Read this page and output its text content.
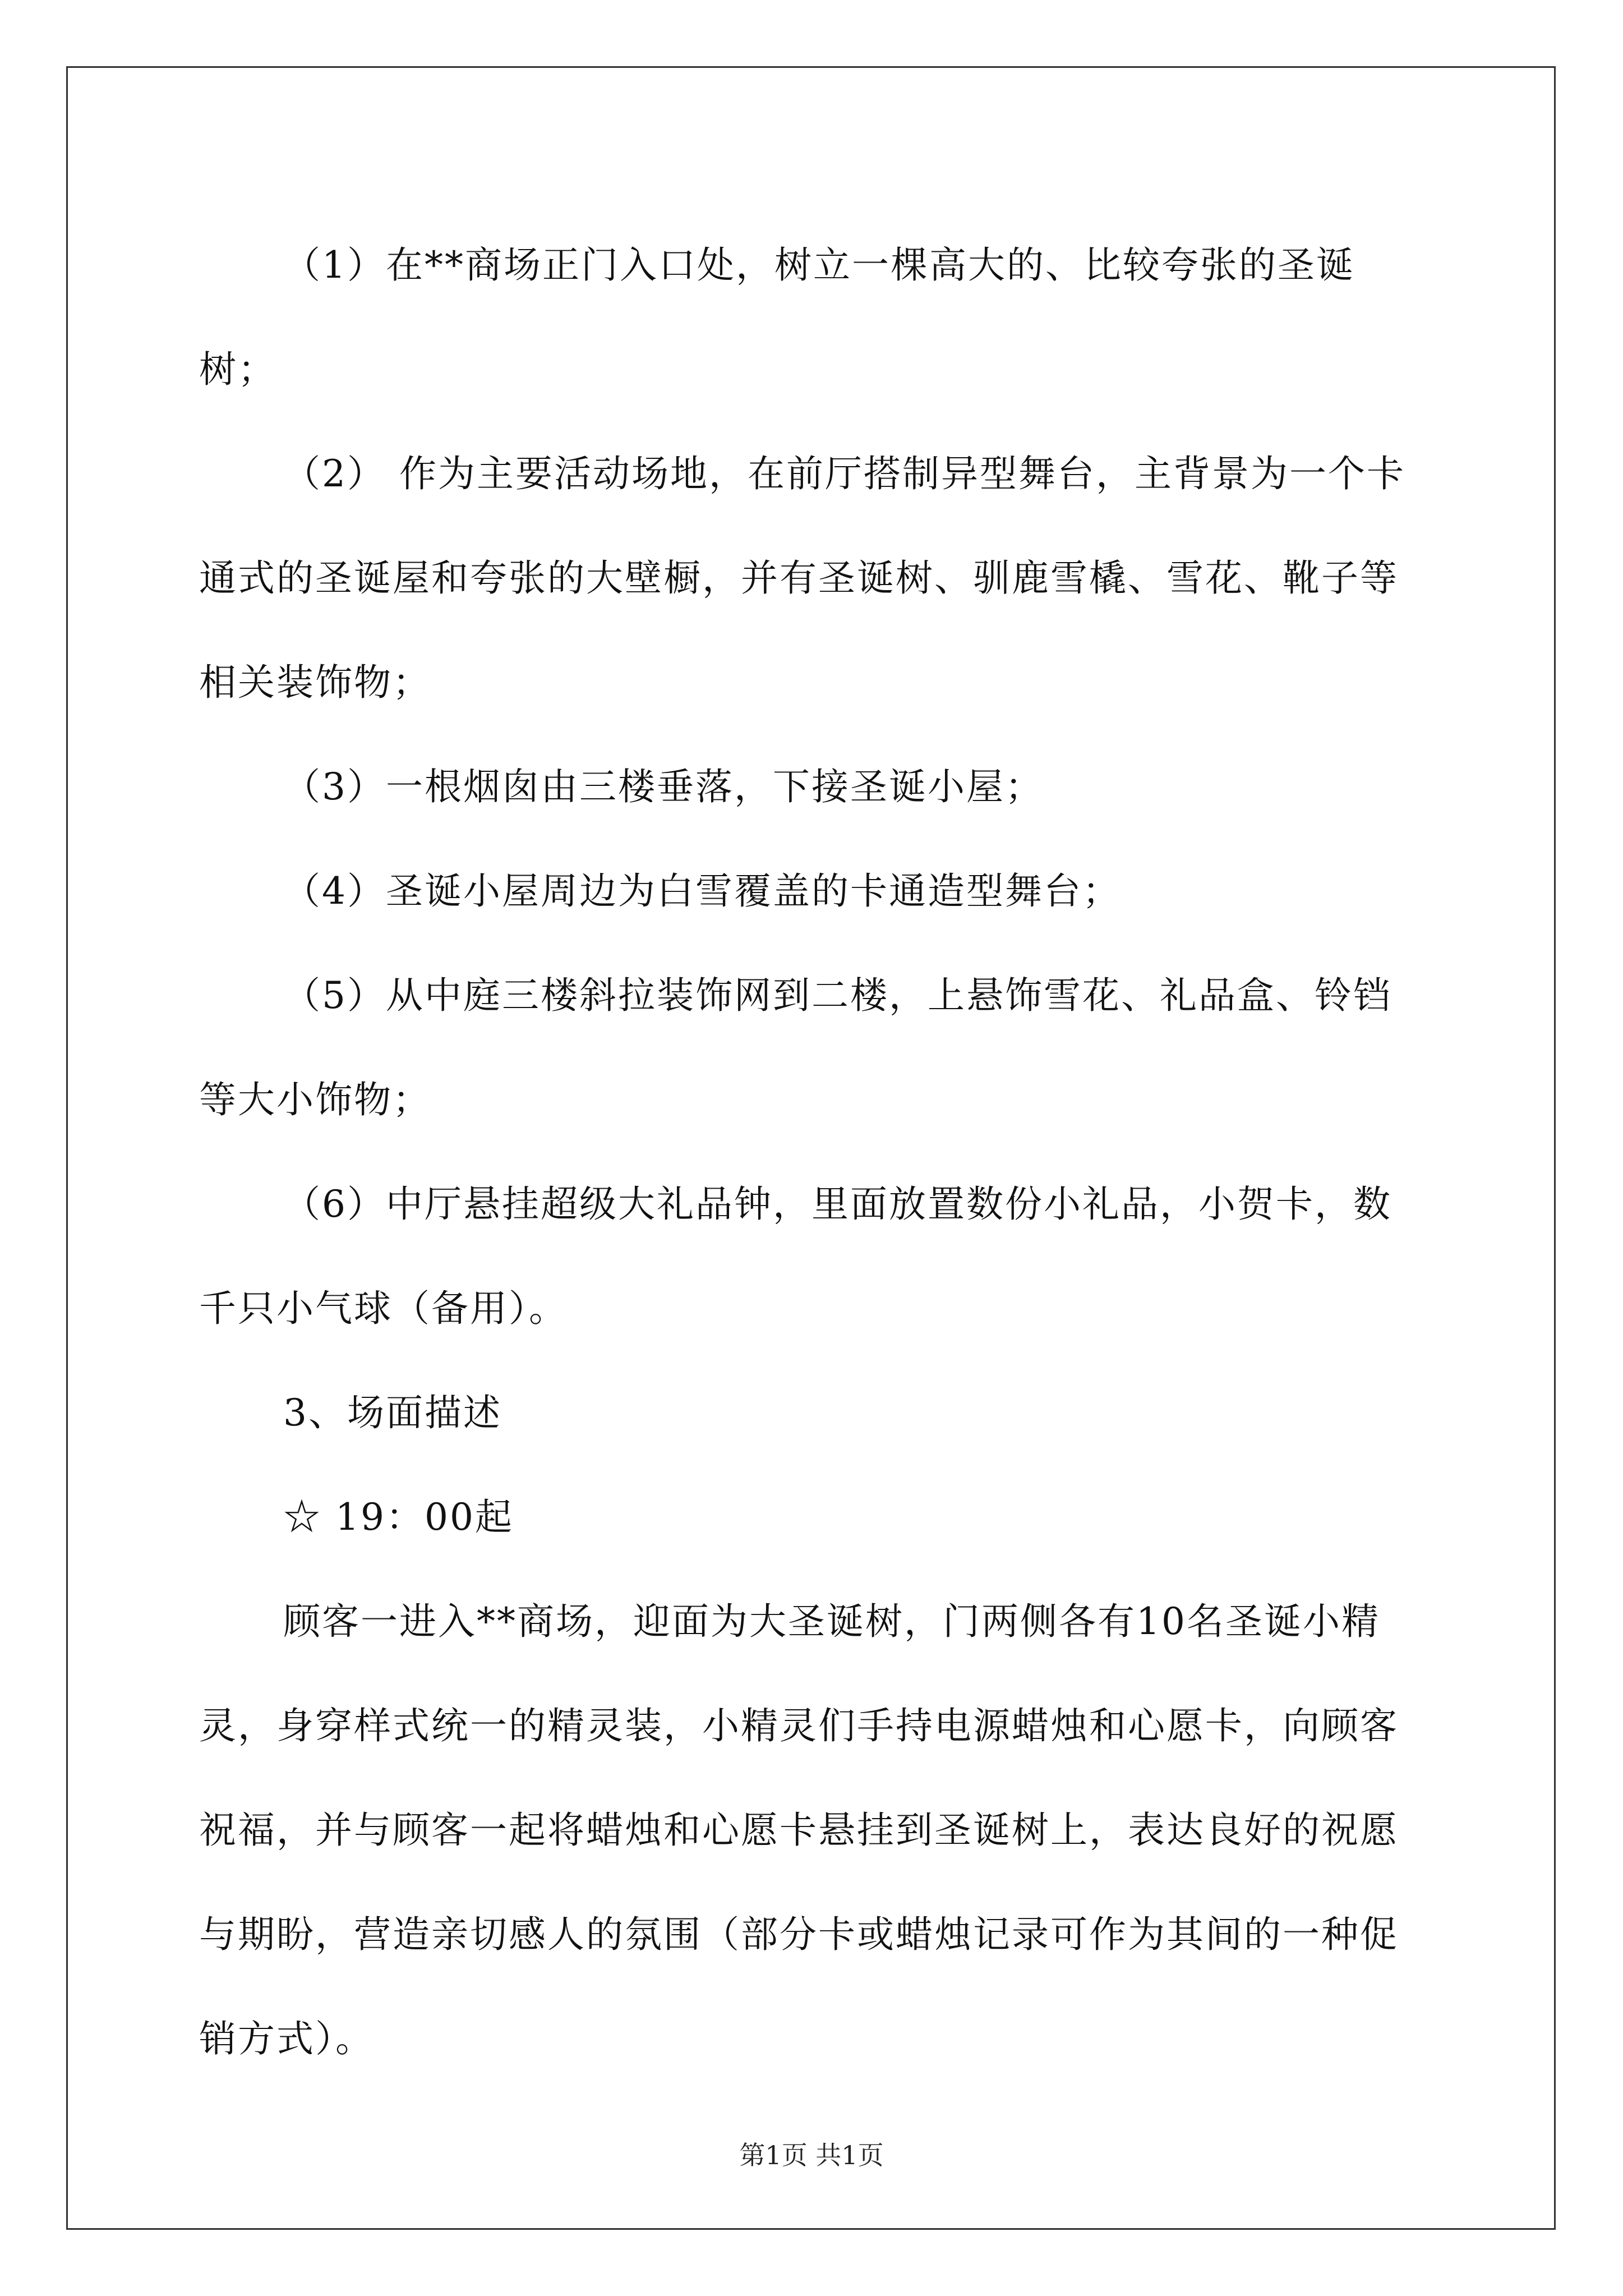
（1）在**商场正门入口处，树立一棵高大的、比较夸张的圣诞树；

（2） 作为主要活动场地，在前厅搭制异型舞台，主背景为一个卡通式的圣诞屋和夸张的大壁橱，并有圣诞树、驯鹿雪橇、雪花、靴子等相关装饰物；

（3）一根烟囱由三楼垂落，下接圣诞小屋；

（4）圣诞小屋周边为白雪覆盖的卡通造型舞台；

（5）从中庭三楼斜拉装饰网到二楼，上悬饰雪花、礼品盒、铃铛等大小饰物；

（6）中厅悬挂超级大礼品钟，里面放置数份小礼品，小贺卡，数千只小气球（备用）。

3、场面描述

☆ 19：00起

顾客一进入**商场，迎面为大圣诞树，门两侧各有10名圣诞小精灵，身穿样式统一的精灵装，小精灵们手持电源蜡烛和心愿卡，向顾客祝福，并与顾客一起将蜡烛和心愿卡悬挂到圣诞树上，表达良好的祝愿与期盼，营造亲切感人的氛围（部分卡或蜡烛记录可作为其间的一种促销方式）。

第1页 共1页
